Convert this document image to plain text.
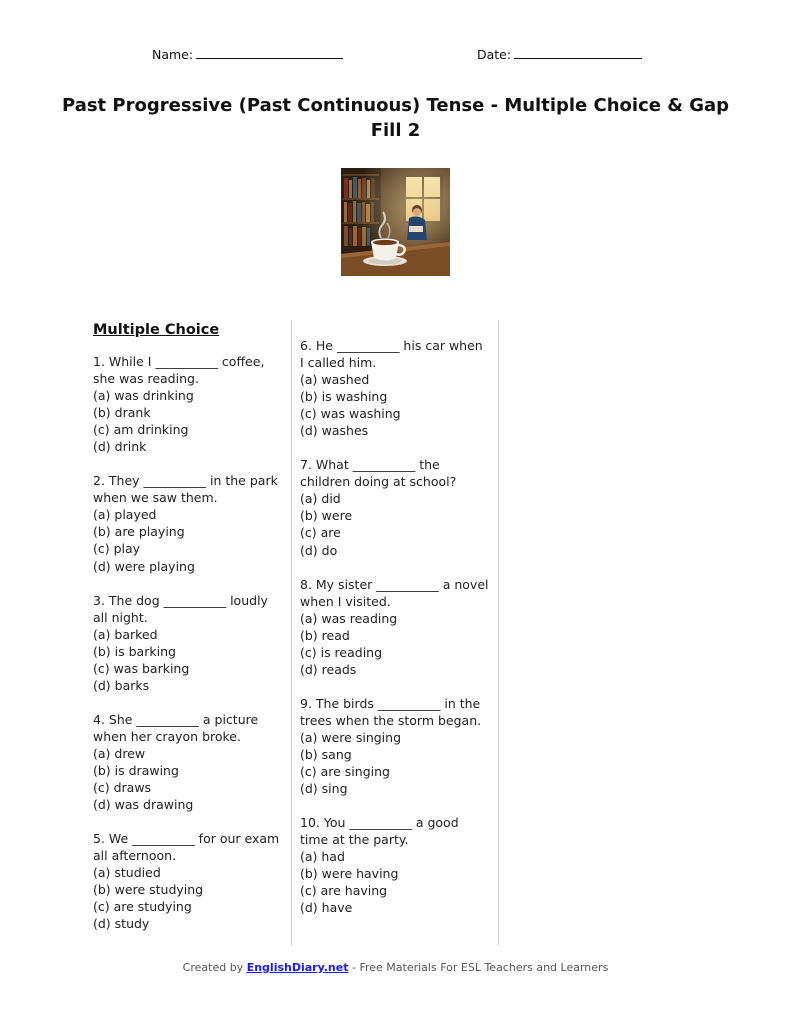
Name:	Date:
Past Progressive (Past Continuous) Tense - Multiple Choice & Gap Fill 2
Multiple Choice

1. While I __________ coffee, she was reading.

(a) was drinking

(b) drank

(c) am drinking

(d) drink

2. They __________ in the park when we saw them.

(a) played

(b) are playing

(c) play

(d) were playing

3. The dog __________ loudly all night.

(a) barked

(b) is barking

(c) was barking

(d) barks

4. She __________ a picture when her crayon broke.

(a) drew

(b) is drawing

(c) draws

(d) was drawing

5. We __________ for our exam all afternoon.

(a) studied

(b) were studying

(c) are studying

(d) study

6. He __________ his car when I called him.

(a) washed

(b) is washing

(c) was washing

(d) washes

7. What __________ the children doing at school?

(a) did

(b) were

(c) are

(d) do

8. My sister __________ a novel when I visited.

(a) was reading

(b) read

(c) is reading

(d) reads

9. The birds __________ in the trees when the storm began.

(a) were singing

(b) sang

(c) are singing

(d) sing

10. You __________ a good time at the party.

(a) had

(b) were having

(c) are having

(d) have

Created by EnglishDiary.net - Free Materials For ESL Teachers and Learners
